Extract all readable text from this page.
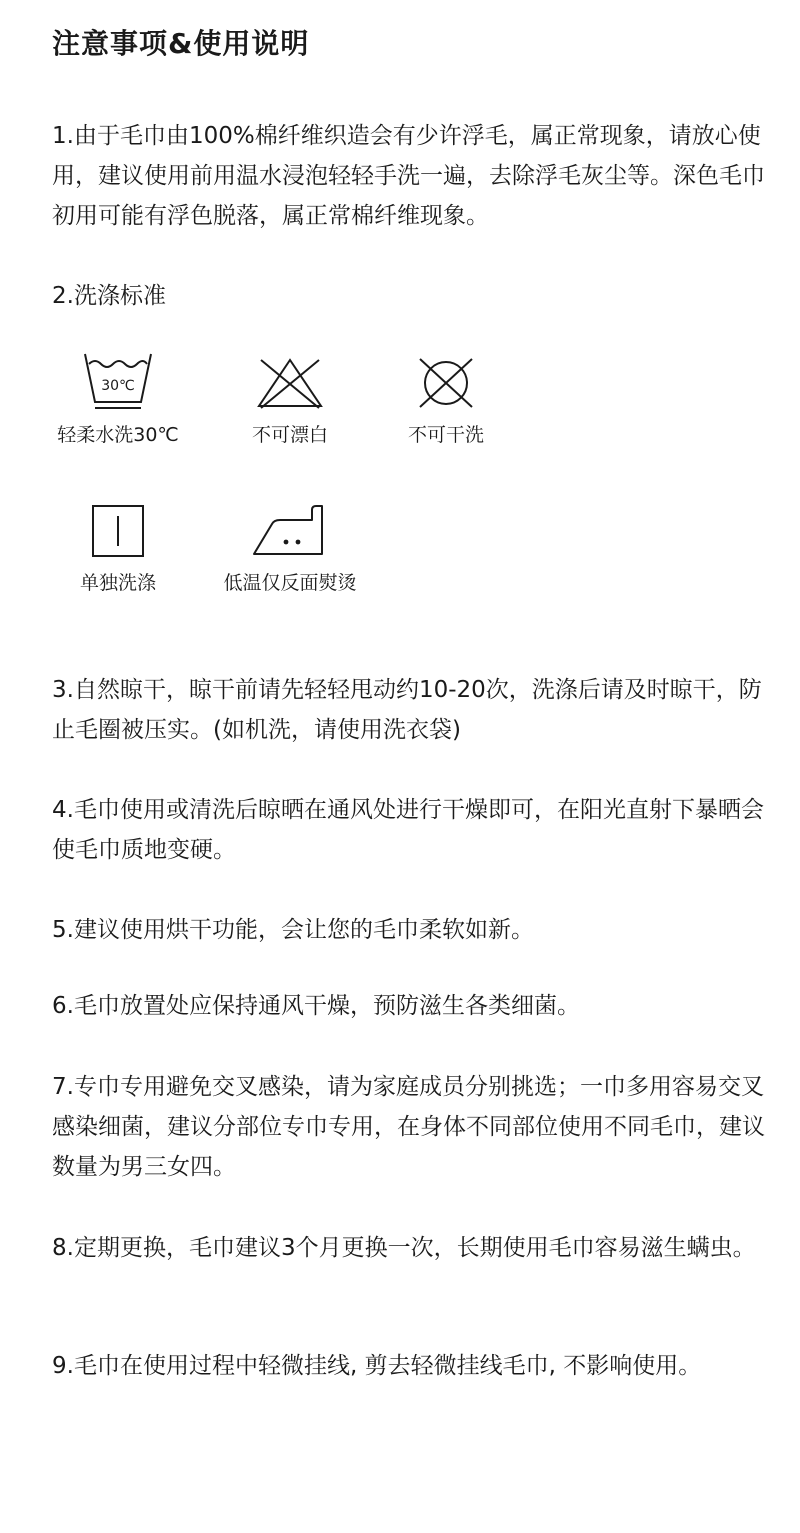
注意事项&使用说明

1.由于毛巾由100%棉纤维织造会有少许浮毛，属正常现象，请放心使用，建议使用前用温水浸泡轻轻手洗一遍，去除浮毛灰尘等。深色毛巾初用可能有浮色脱落，属正常棉纤维现象。

2.洗涤标准

30℃
轻柔水洗30℃	不可漂白	不可干洗
单独洗涤	低温仅反面熨烫

3.自然晾干，晾干前请先轻轻甩动约10-20次，洗涤后请及时晾干，防止毛圈被压实。(如机洗，请使用洗衣袋)

4.毛巾使用或清洗后晾晒在通风处进行干燥即可，在阳光直射下暴晒会使毛巾质地变硬。

5.建议使用烘干功能，会让您的毛巾柔软如新。

6.毛巾放置处应保持通风干燥，预防滋生各类细菌。

7.专巾专用避免交叉感染，请为家庭成员分别挑选；一巾多用容易交叉感染细菌，建议分部位专巾专用，在身体不同部位使用不同毛巾，建议数量为男三女四。

8.定期更换，毛巾建议3个月更换一次，长期使用毛巾容易滋生螨虫。

9.毛巾在使用过程中轻微挂线, 剪去轻微挂线毛巾, 不影响使用。
